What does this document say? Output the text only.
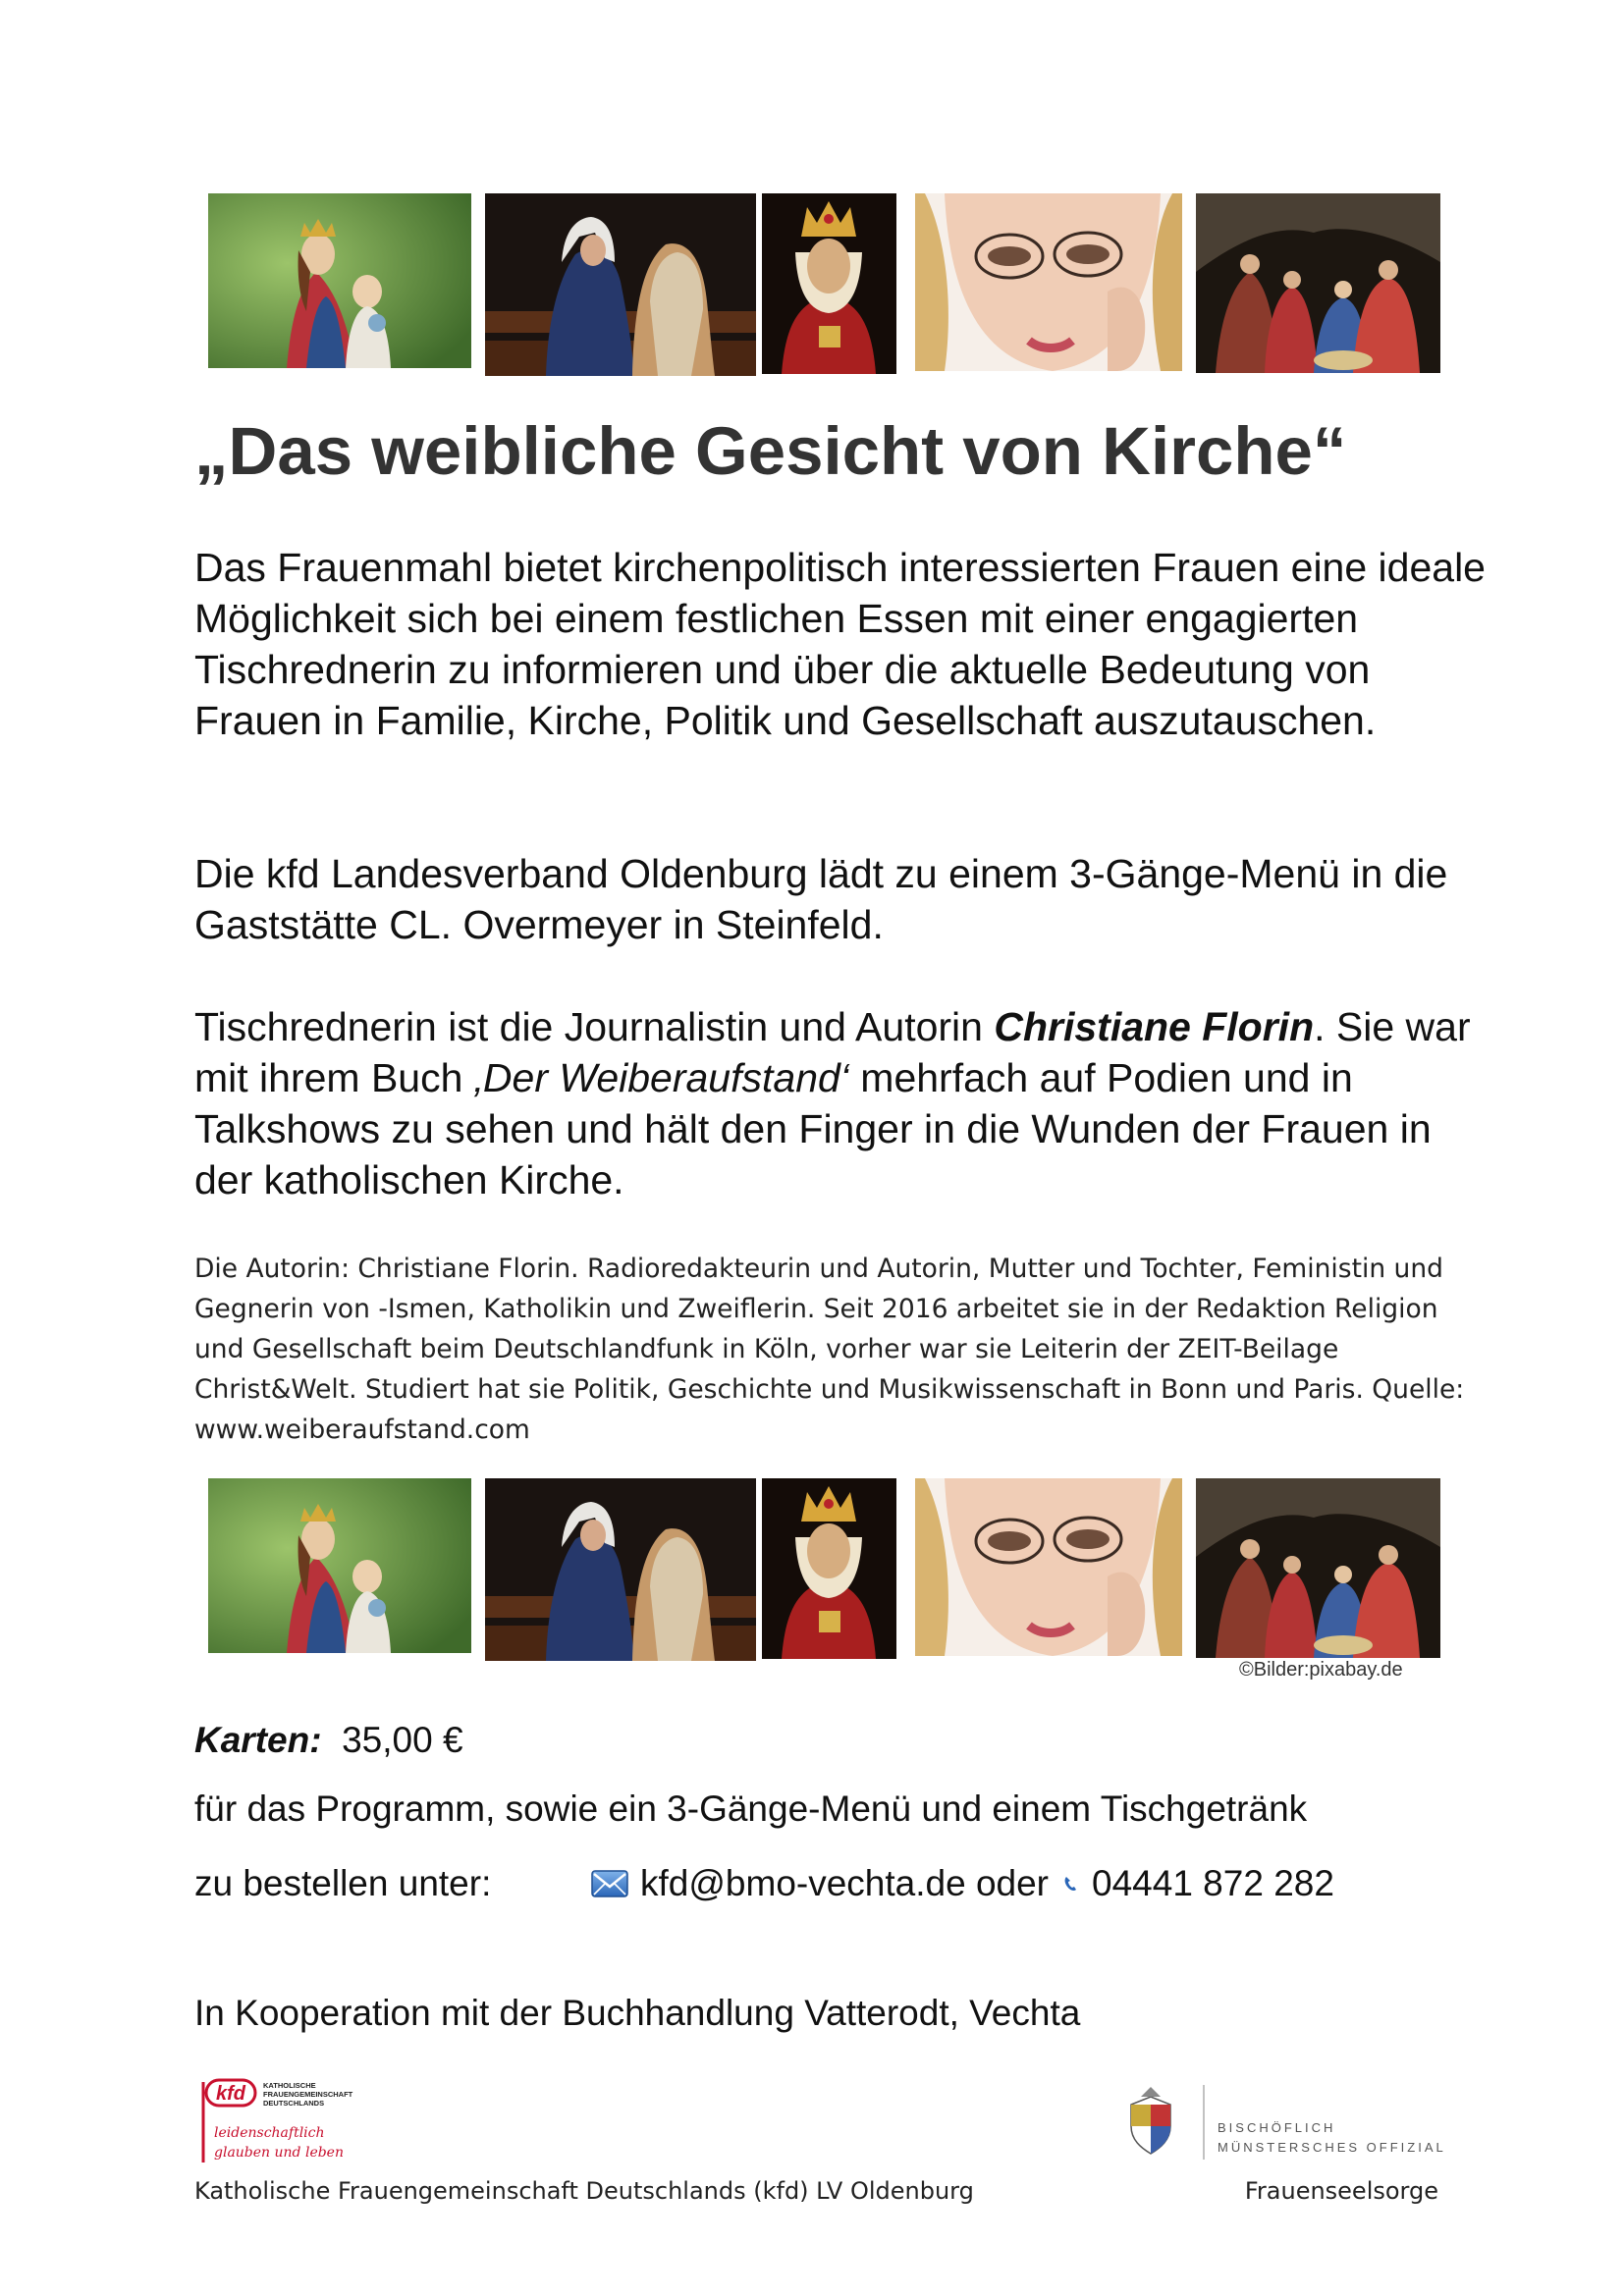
„Das weibliche Gesicht von Kirche“
Das Frauenmahl bietet kirchenpolitisch interessierten Frauen eine ideale Möglichkeit sich bei einem festlichen Essen mit einer engagierten Tischrednerin zu informieren und über die aktuelle Bedeutung von Frauen in Familie, Kirche, Politik und Gesellschaft auszutauschen.
Die kfd Landesverband Oldenburg lädt zu einem 3-Gänge-Menü in die Gaststätte CL. Overmeyer in Steinfeld.
Tischrednerin ist die Journalistin und Autorin Christiane Florin. Sie war mit ihrem Buch ‚Der Weiberaufstand‘ mehrfach auf Podien und in Talkshows zu sehen und hält den Finger in die Wunden der Frauen in der katholischen Kirche.
Die Autorin: Christiane Florin. Radioredakteurin und Autorin, Mutter und Tochter, Feministin und Gegnerin von -Ismen, Katholikin und Zweiflerin. Seit 2016 arbeitet sie in der Redaktion Religion und Gesellschaft beim Deutschlandfunk in Köln, vorher war sie Leiterin der ZEIT-Beilage Christ&Welt. Studiert hat sie Politik, Geschichte und Musikwissenschaft in Bonn und Paris. Quelle: www.weiberaufstand.com
©Bilder:pixabay.de
Karten: 35,00 €
für das Programm, sowie ein 3-Gänge-Menü und einem Tischgetränk
zu bestellen unter:	kfd@bmo-vechta.de
oder 04441 872 282
In Kooperation mit der Buchhandlung Vatterodt, Vechta
kfd KATHOLISCHE
FRAUENGEMEINSCHAFT
DEUTSCHLANDS
leidenschaftlich
glauben und leben
BISCHÖFLICH
MÜNSTERSCHES OFFIZIALAT
Katholische Frauengemeinschaft Deutschlands (kfd) LV Oldenburg	Frauenseelsorge
